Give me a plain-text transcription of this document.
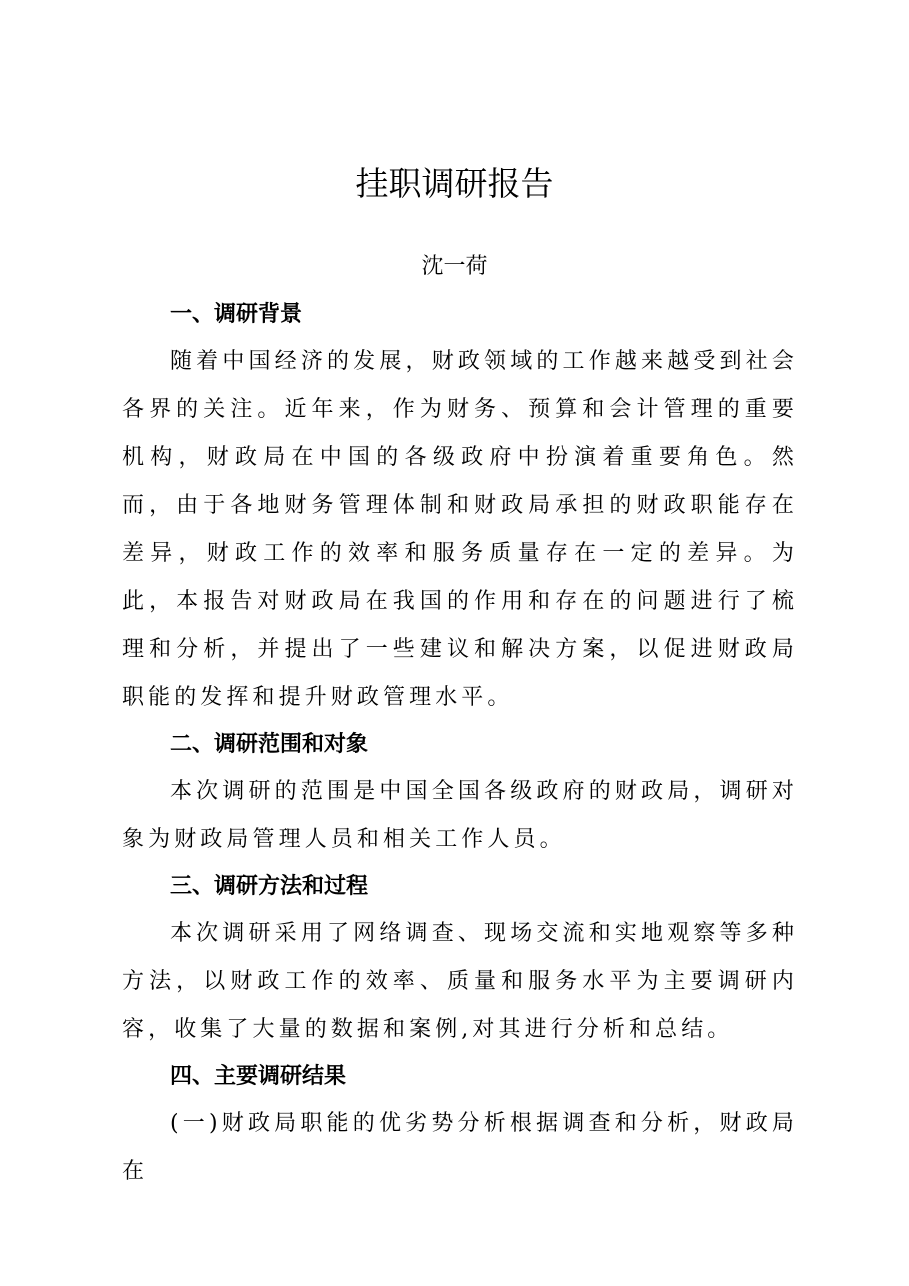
挂职调研报告
沈一荷
一、调研背景

随着中国经济的发展，财政领域的工作越来越受到社会各界的关注。近年来，作为财务、预算和会计管理的重要机构，财政局在中国的各级政府中扮演着重要角色。然而，由于各地财务管理体制和财政局承担的财政职能存在差异，财政工作的效率和服务质量存在一定的差异。为此，本报告对财政局在我国的作用和存在的问题进行了梳理和分析，并提出了一些建议和解决方案，以促进财政局职能的发挥和提升财政管理水平。

二、调研范围和对象

本次调研的范围是中国全国各级政府的财政局，调研对象为财政局管理人员和相关工作人员。

三、调研方法和过程

本次调研采用了网络调查、现场交流和实地观察等多种方法，以财政工作的效率、质量和服务水平为主要调研内容，收集了大量的数据和案例,对其进行分析和总结。

四、主要调研结果

(一)财政局职能的优劣势分析根据调查和分析，财政局在
